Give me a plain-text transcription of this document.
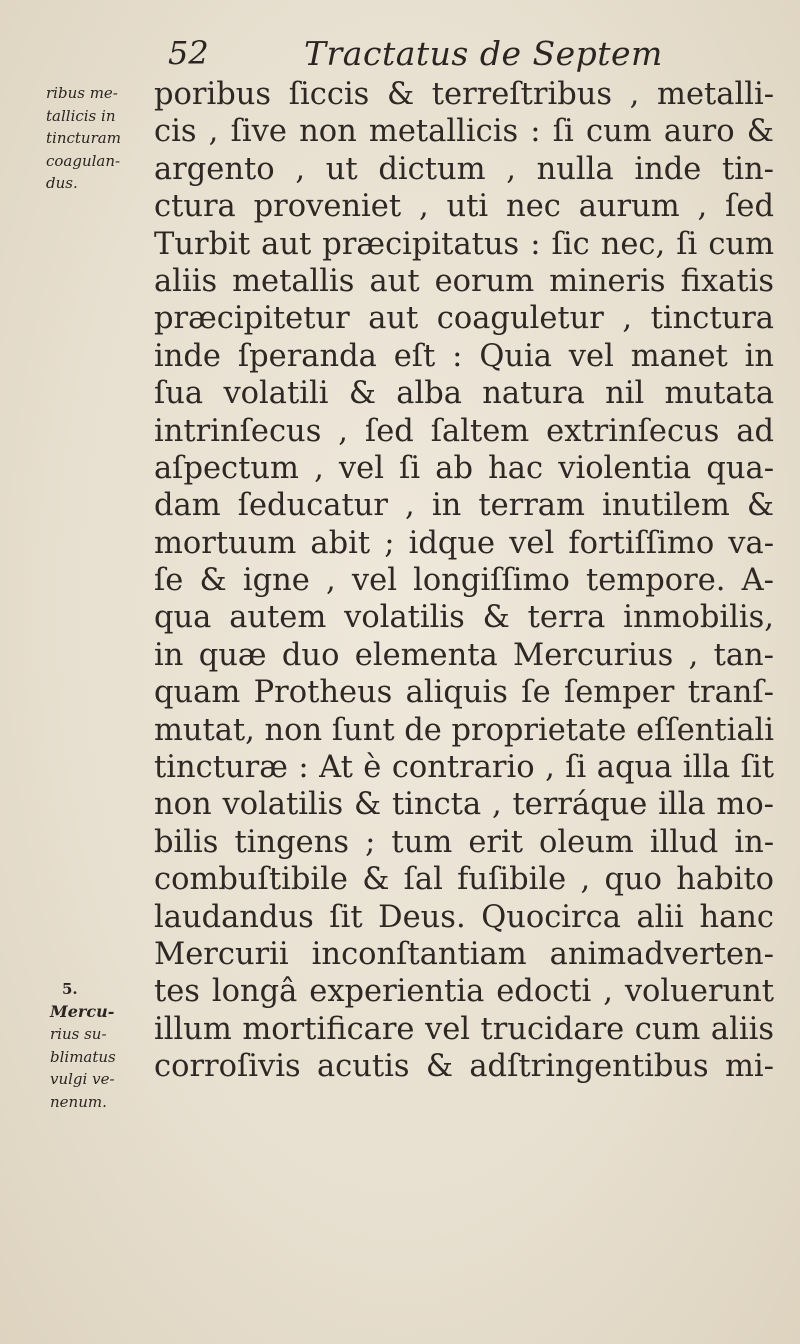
52	Tractatus de Septem
ribus me-
tallicis in
tincturam
coagulan-
dus.
5.
Mercu-
rius su-
blimatus
vulgi ve-
nenum.
poribus ſiccis & terreſtribus , metalli-
cis , ſive non metallicis : ſi cum auro &
argento , ut dictum , nulla inde tin-
ctura proveniet , uti nec aurum , ſed
Turbit aut præcipitatus : ſic nec, ſi cum
aliis metallis aut eorum mineris fixatis
præcipitetur aut coaguletur , tinctura
inde ſperanda eſt : Quia vel manet in
ſua volatili & alba natura nil mutata
intrinſecus , ſed ſaltem extrinſecus ad
aſpectum , vel ſi ab hac violentia qua-
dam ſeducatur , in terram inutilem &
mortuum abit ; idque vel fortiſſimo va-
ſe & igne , vel longiſſimo tempore. A-
qua autem volatilis & terra inmobilis,
in quæ duo elementa Mercurius , tan-
quam Protheus aliquis ſe ſemper tranſ-
mutat, non ſunt de proprietate eſſentiali
tincturæ : At è contrario , ſi aqua illa ſit
non volatilis & tincta , terráque illa mo-
bilis tingens ; tum erit oleum illud in-
combuſtibile & ſal fuſibile , quo habito
laudandus ſit Deus. Quocirca alii hanc
Mercurii inconſtantiam animadverten-
tes longâ experientia edocti , voluerunt
illum mortificare vel trucidare cum aliis
corroſivis acutis & adſtringentibus mi-
